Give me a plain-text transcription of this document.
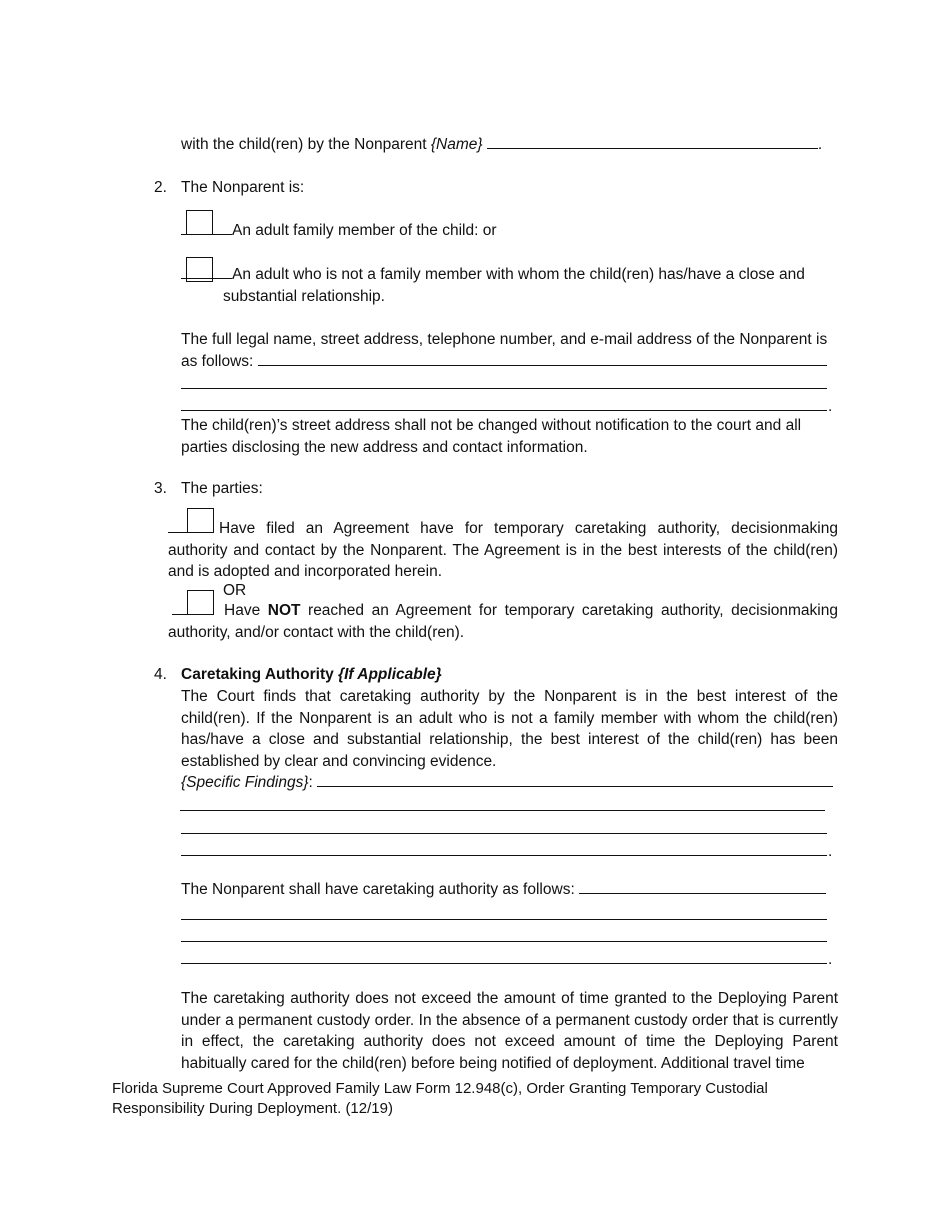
with the child(ren) by the Nonparent {Name}	.
2. The Nonparent is:
An adult family member of the child: or
An adult who is not a family member with whom the child(ren) has/have a close and
substantial relationship.
The full legal name, street address, telephone number, and e-mail address of the Nonparent is
as follows:
.
The child(ren)’s street address shall not be changed without notification to the court and all parties disclosing the new address and contact information.
3. The parties:
Have filed an Agreement have for temporary caretaking authority, decisionmaking authority and contact by the Nonparent. The Agreement is in the best interests of the child(ren) and is adopted and incorporated herein.
OR
Have NOT reached an Agreement for temporary caretaking authority, decisionmaking authority, and/or contact with the child(ren).
4. Caretaking Authority {If Applicable}
The Court finds that caretaking authority by the Nonparent is in the best interest of the child(ren). If the Nonparent is an adult who is not a family member with whom the child(ren) has/have a close and substantial relationship, the best interest of the child(ren) has been established by clear and convincing evidence.
{Specific Findings}:
.
The Nonparent shall have caretaking authority as follows:
.
The caretaking authority does not exceed the amount of time granted to the Deploying Parent under a permanent custody order. In the absence of a permanent custody order that is currently in effect, the caretaking authority does not exceed amount of time the Deploying Parent habitually cared for the child(ren) before being notified of deployment. Additional travel time
Florida Supreme Court Approved Family Law Form 12.948(c), Order Granting Temporary Custodial Responsibility During Deployment. (12/19)
